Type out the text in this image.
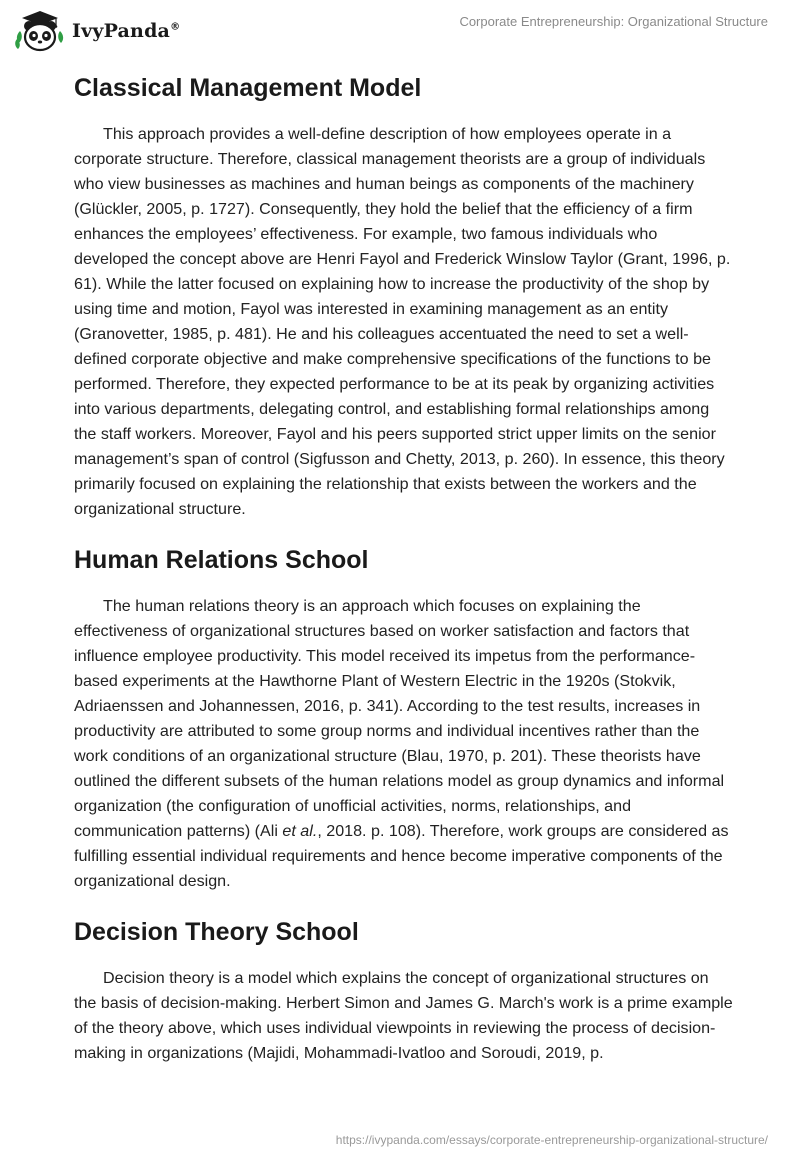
IvyPanda®	Corporate Entrepreneurship: Organizational Structure
Classical Management Model

This approach provides a well-define description of how employees operate in a corporate structure. Therefore, classical management theorists are a group of individuals who view businesses as machines and human beings as components of the machinery (Glückler, 2005, p. 1727). Consequently, they hold the belief that the efficiency of a firm enhances the employees’ effectiveness. For example, two famous individuals who developed the concept above are Henri Fayol and Frederick Winslow Taylor (Grant, 1996, p. 61). While the latter focused on explaining how to increase the productivity of the shop by using time and motion, Fayol was interested in examining management as an entity (Granovetter, 1985, p. 481). He and his colleagues accentuated the need to set a well-defined corporate objective and make comprehensive specifications of the functions to be performed. Therefore, they expected performance to be at its peak by organizing activities into various departments, delegating control, and establishing formal relationships among the staff workers. Moreover, Fayol and his peers supported strict upper limits on the senior management’s span of control (Sigfusson and Chetty, 2013, p. 260). In essence, this theory primarily focused on explaining the relationship that exists between the workers and the organizational structure.

Human Relations School

The human relations theory is an approach which focuses on explaining the effectiveness of organizational structures based on worker satisfaction and factors that influence employee productivity. This model received its impetus from the performance-based experiments at the Hawthorne Plant of Western Electric in the 1920s (Stokvik, Adriaenssen and Johannessen, 2016, p. 341). According to the test results, increases in productivity are attributed to some group norms and individual incentives rather than the work conditions of an organizational structure (Blau, 1970, p. 201). These theorists have outlined the different subsets of the human relations model as group dynamics and informal organization (the configuration of unofficial activities, norms, relationships, and communication patterns) (Ali et al., 2018. p. 108). Therefore, work groups are considered as fulfilling essential individual requirements and hence become imperative components of the organizational design.

Decision Theory School

Decision theory is a model which explains the concept of organizational structures on the basis of decision-making. Herbert Simon and James G. March's work is a prime example of the theory above, which uses individual viewpoints in reviewing the process of decision-making in organizations (Majidi, Mohammadi-Ivatloo and Soroudi, 2019, p.

https://ivypanda.com/essays/corporate-entrepreneurship-organizational-structure/
